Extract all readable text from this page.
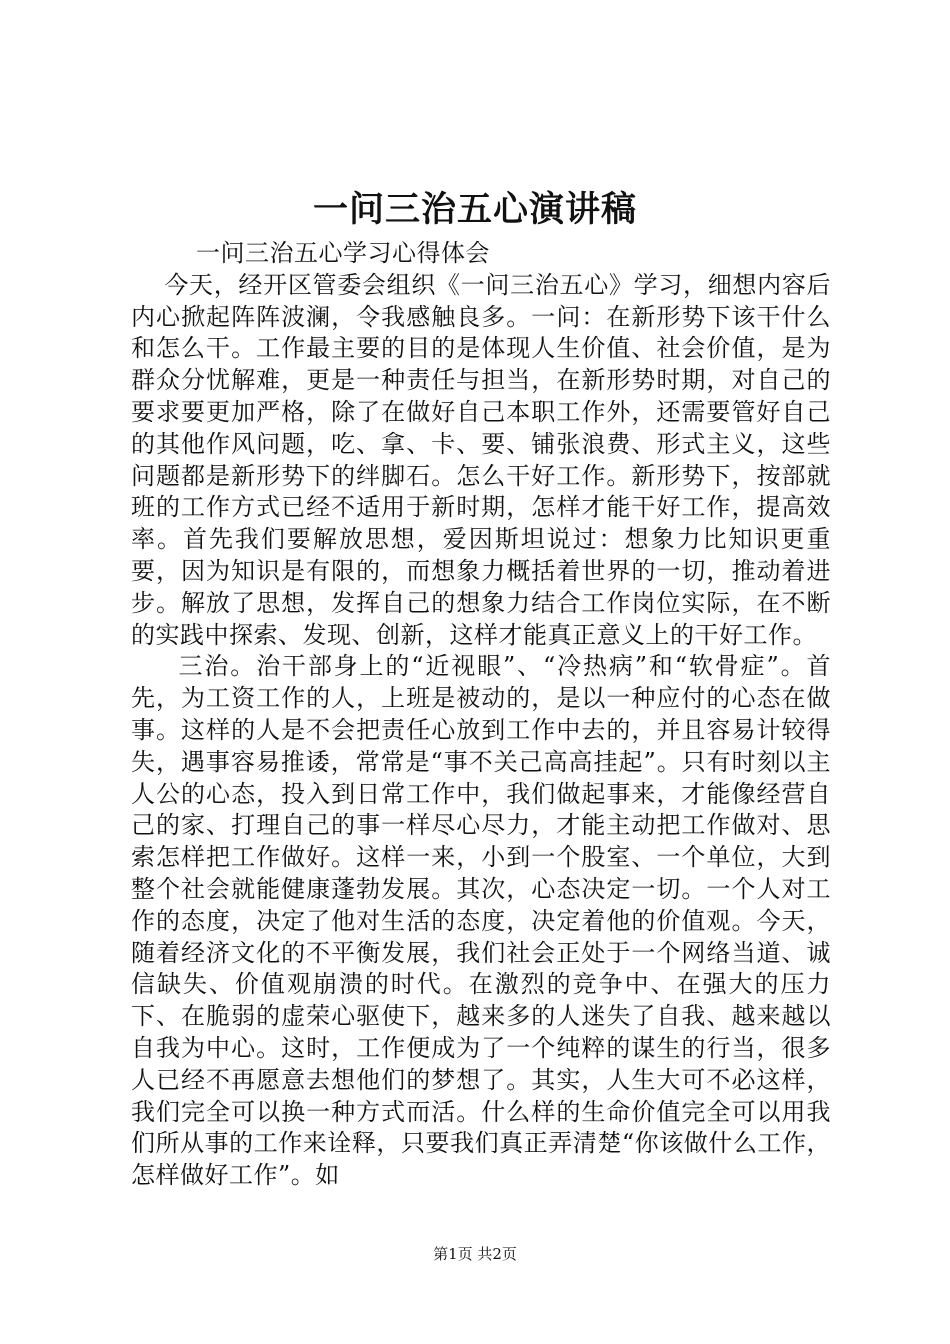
一问三治五心演讲稿

一问三治五心学习心得体会

今天，经开区管委会组织《一问三治五心》学习，细想内容后内心掀起阵阵波澜，令我感触良多。一问：在新形势下该干什么和怎么干。工作最主要的目的是体现人生价值、社会价值，是为群众分忧解难，更是一种责任与担当，在新形势时期，对自己的要求要更加严格，除了在做好自己本职工作外，还需要管好自己的其他作风问题，吃、拿、卡、要、铺张浪费、形式主义，这些问题都是新形势下的绊脚石。怎么干好工作。新形势下，按部就班的工作方式已经不适用于新时期，怎样才能干好工作，提高效率。首先我们要解放思想，爱因斯坦说过：想象力比知识更重要，因为知识是有限的，而想象力概括着世界的一切，推动着进步。解放了思想，发挥自己的想象力结合工作岗位实际，在不断的实践中探索、发现、创新，这样才能真正意义上的干好工作。

三治。治干部身上的“近视眼”、“冷热病”和“软骨症”。首先，为工资工作的人，上班是被动的，是以一种应付的心态在做事。这样的人是不会把责任心放到工作中去的，并且容易计较得失，遇事容易推诿，常常是“事不关己高高挂起”。只有时刻以主人公的心态，投入到日常工作中，我们做起事来，才能像经营自己的家、打理自己的事一样尽心尽力，才能主动把工作做对、思索怎样把工作做好。这样一来，小到一个股室、一个单位，大到整个社会就能健康蓬勃发展。其次，心态决定一切。一个人对工作的态度，决定了他对生活的态度，决定着他的价值观。今天，随着经济文化的不平衡发展，我们社会正处于一个网络当道、诚信缺失、价值观崩溃的时代。在激烈的竞争中、在强大的压力下、在脆弱的虚荣心驱使下，越来多的人迷失了自我、越来越以自我为中心。这时，工作便成为了一个纯粹的谋生的行当，很多人已经不再愿意去想他们的梦想了。其实，人生大可不必这样，我们完全可以换一种方式而活。什么样的生命价值完全可以用我们所从事的工作来诠释，只要我们真正弄清楚“你该做什么工作，怎样做好工作”。如

第1页 共2页
